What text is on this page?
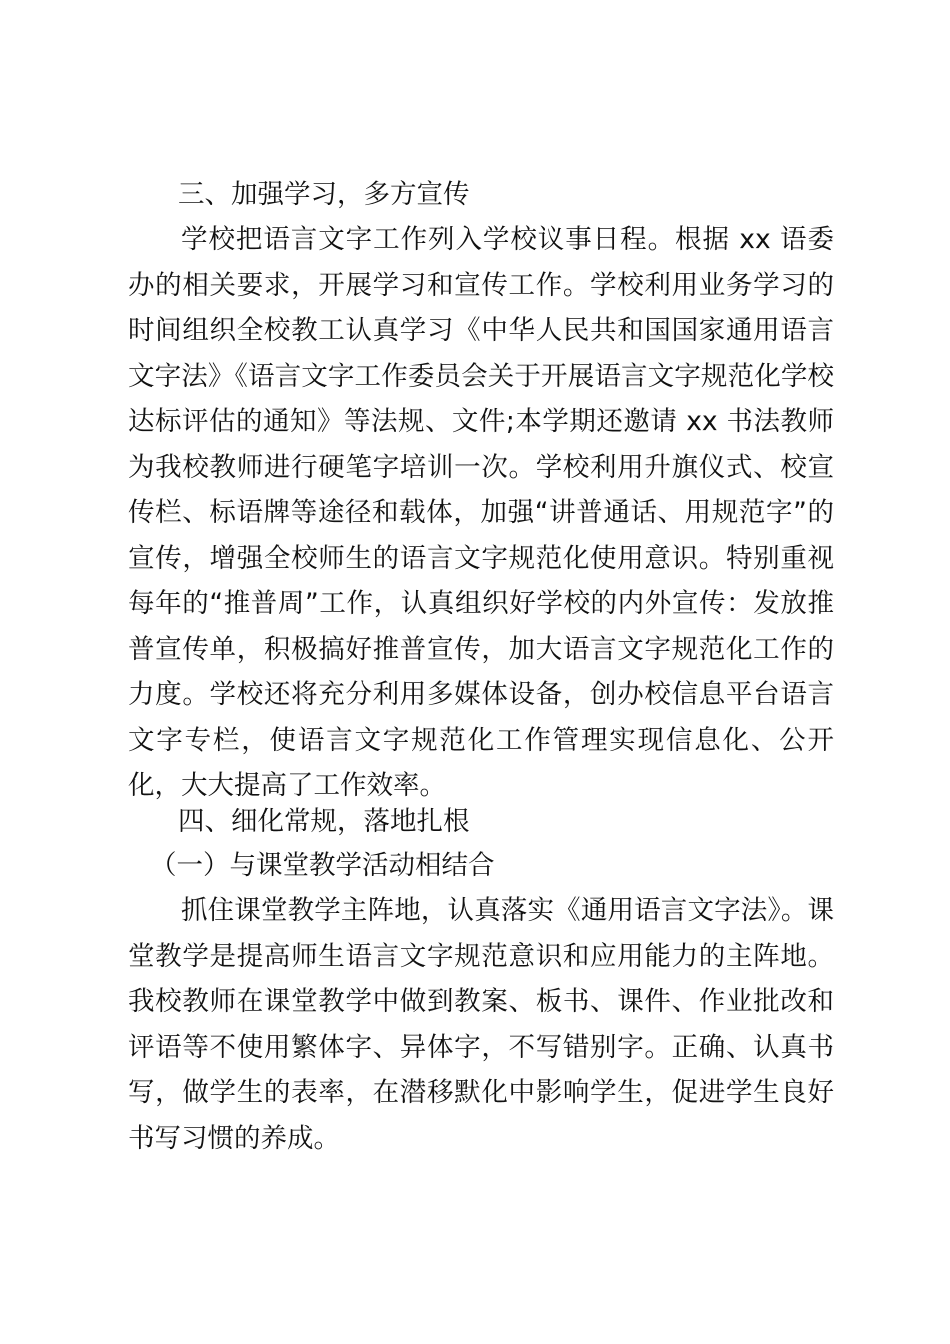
三、加强学习，多方宣传

学校把语言文字工作列入学校议事日程。根据 xx 语委办的相关要求，开展学习和宣传工作。学校利用业务学习的时间组织全校教工认真学习《中华人民共和国国家通用语言文字法》《语言文字工作委员会关于开展语言文字规范化学校达标评估的通知》等法规、文件;本学期还邀请 xx 书法教师为我校教师进行硬笔字培训一次。学校利用升旗仪式、校宣传栏、标语牌等途径和载体，加强“讲普通话、用规范字”的宣传，增强全校师生的语言文字规范化使用意识。特别重视每年的“推普周”工作，认真组织好学校的内外宣传：发放推普宣传单，积极搞好推普宣传，加大语言文字规范化工作的力度。学校还将充分利用多媒体设备，创办校信息平台语言文字专栏，使语言文字规范化工作管理实现信息化、公开化，大大提高了工作效率。

四、细化常规，落地扎根

（一）与课堂教学活动相结合

抓住课堂教学主阵地，认真落实《通用语言文字法》。课堂教学是提高师生语言文字规范意识和应用能力的主阵地。我校教师在课堂教学中做到教案、板书、课件、作业批改和评语等不使用繁体字、异体字，不写错别字。正确、认真书写，做学生的表率，在潜移默化中影响学生，促进学生良好书写习惯的养成。
